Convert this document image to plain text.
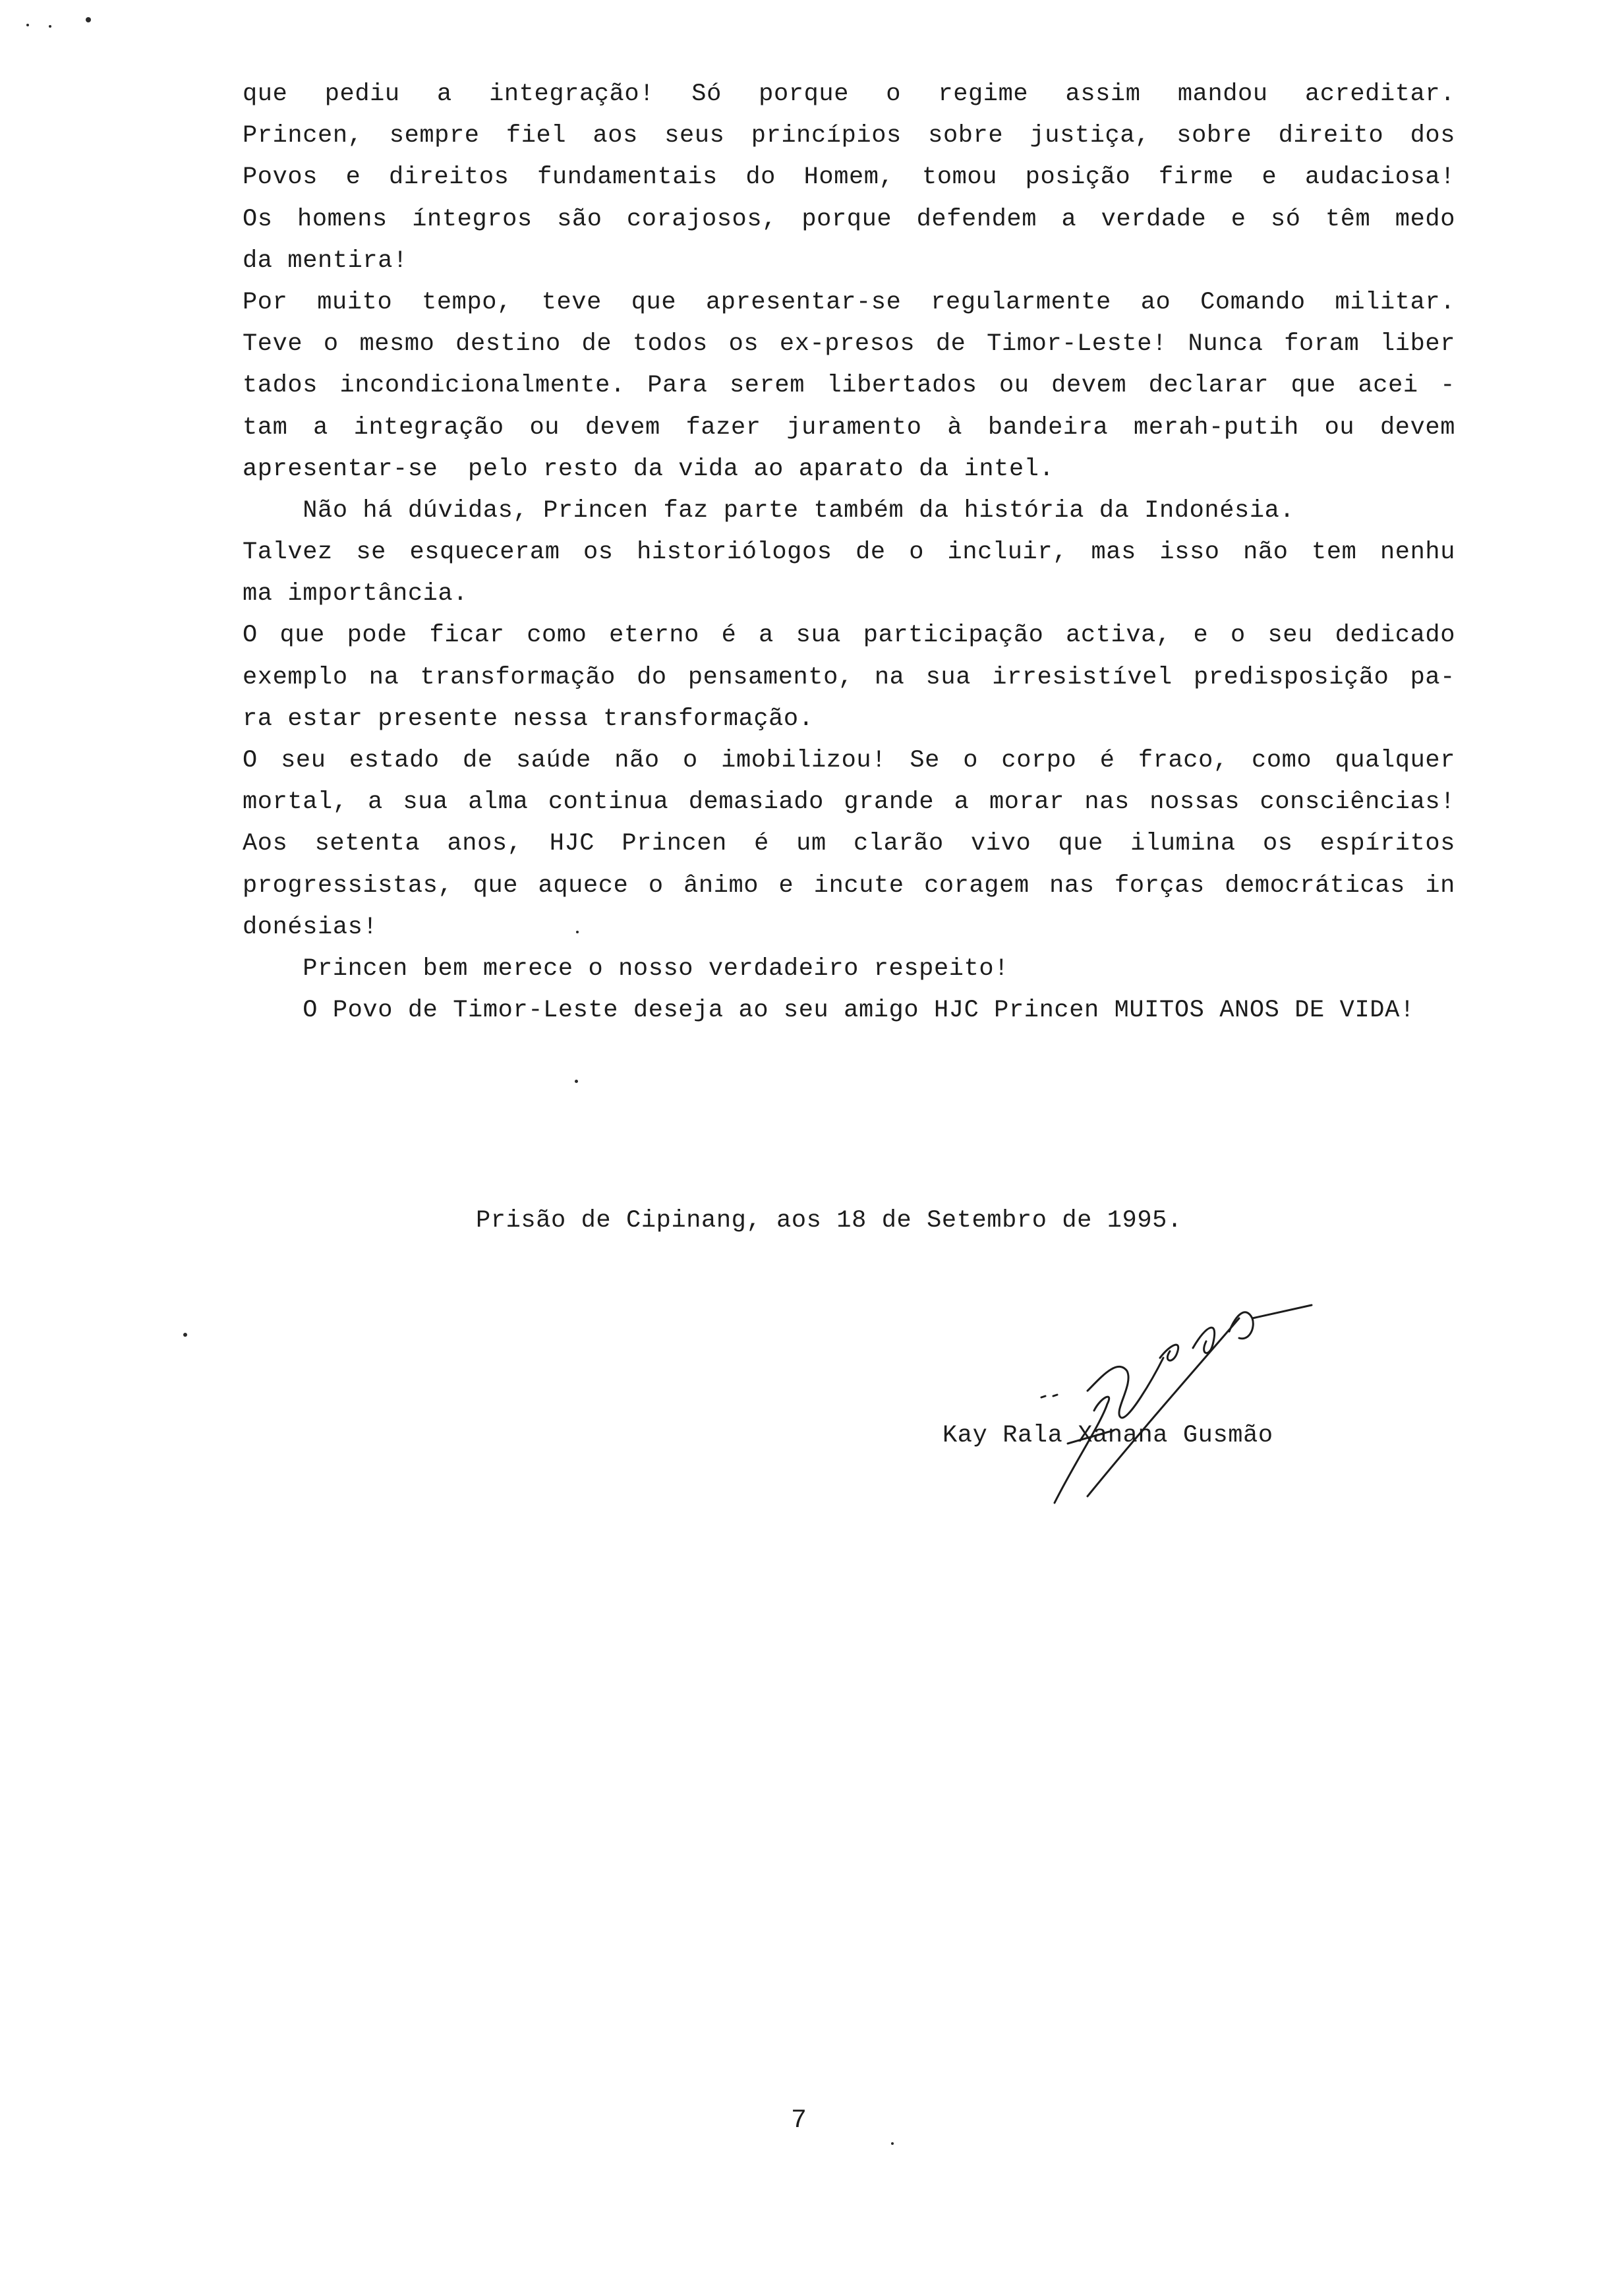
que pediu a integração! Só porque o regime assim mandou acreditar.
Princen, sempre fiel aos seus princípios sobre justiça, sobre direito dos
Povos e direitos fundamentais do Homem, tomou posição firme e audaciosa!
Os homens íntegros são corajosos, porque defendem a verdade e só têm medo
da mentira!
Por muito tempo, teve que apresentar-se regularmente ao Comando militar.
Teve o mesmo destino de todos os ex-presos de Timor-Leste! Nunca foram liber
tados incondicionalmente. Para serem libertados ou devem declarar que acei -
tam a integração ou devem fazer juramento à bandeira merah-putih ou devem
apresentar-se  pelo resto da vida ao aparato da intel.
Não há dúvidas, Princen faz parte também da história da Indonésia.
Talvez se esqueceram os historiólogos de o incluir, mas isso não tem nenhu
ma importância.
O que pode ficar como eterno é a sua participação activa, e o seu dedicado
exemplo na transformação do pensamento, na sua irresistível predisposição pa-
ra estar presente nessa transformação.
O seu estado de saúde não o imobilizou! Se o corpo é fraco, como qualquer
mortal, a sua alma continua demasiado grande a morar nas nossas consciências!
Aos setenta anos, HJC Princen é um clarão vivo que ilumina os espíritos
progressistas, que aquece o ânimo e incute coragem nas forças democráticas in
donésias!
Princen bem merece o nosso verdadeiro respeito!
O Povo de Timor-Leste deseja ao seu amigo HJC Princen MUITOS ANOS DE VIDA!
Prisão de Cipinang, aos 18 de Setembro de 1995.
Kay Rala Xanana Gusmão
7
